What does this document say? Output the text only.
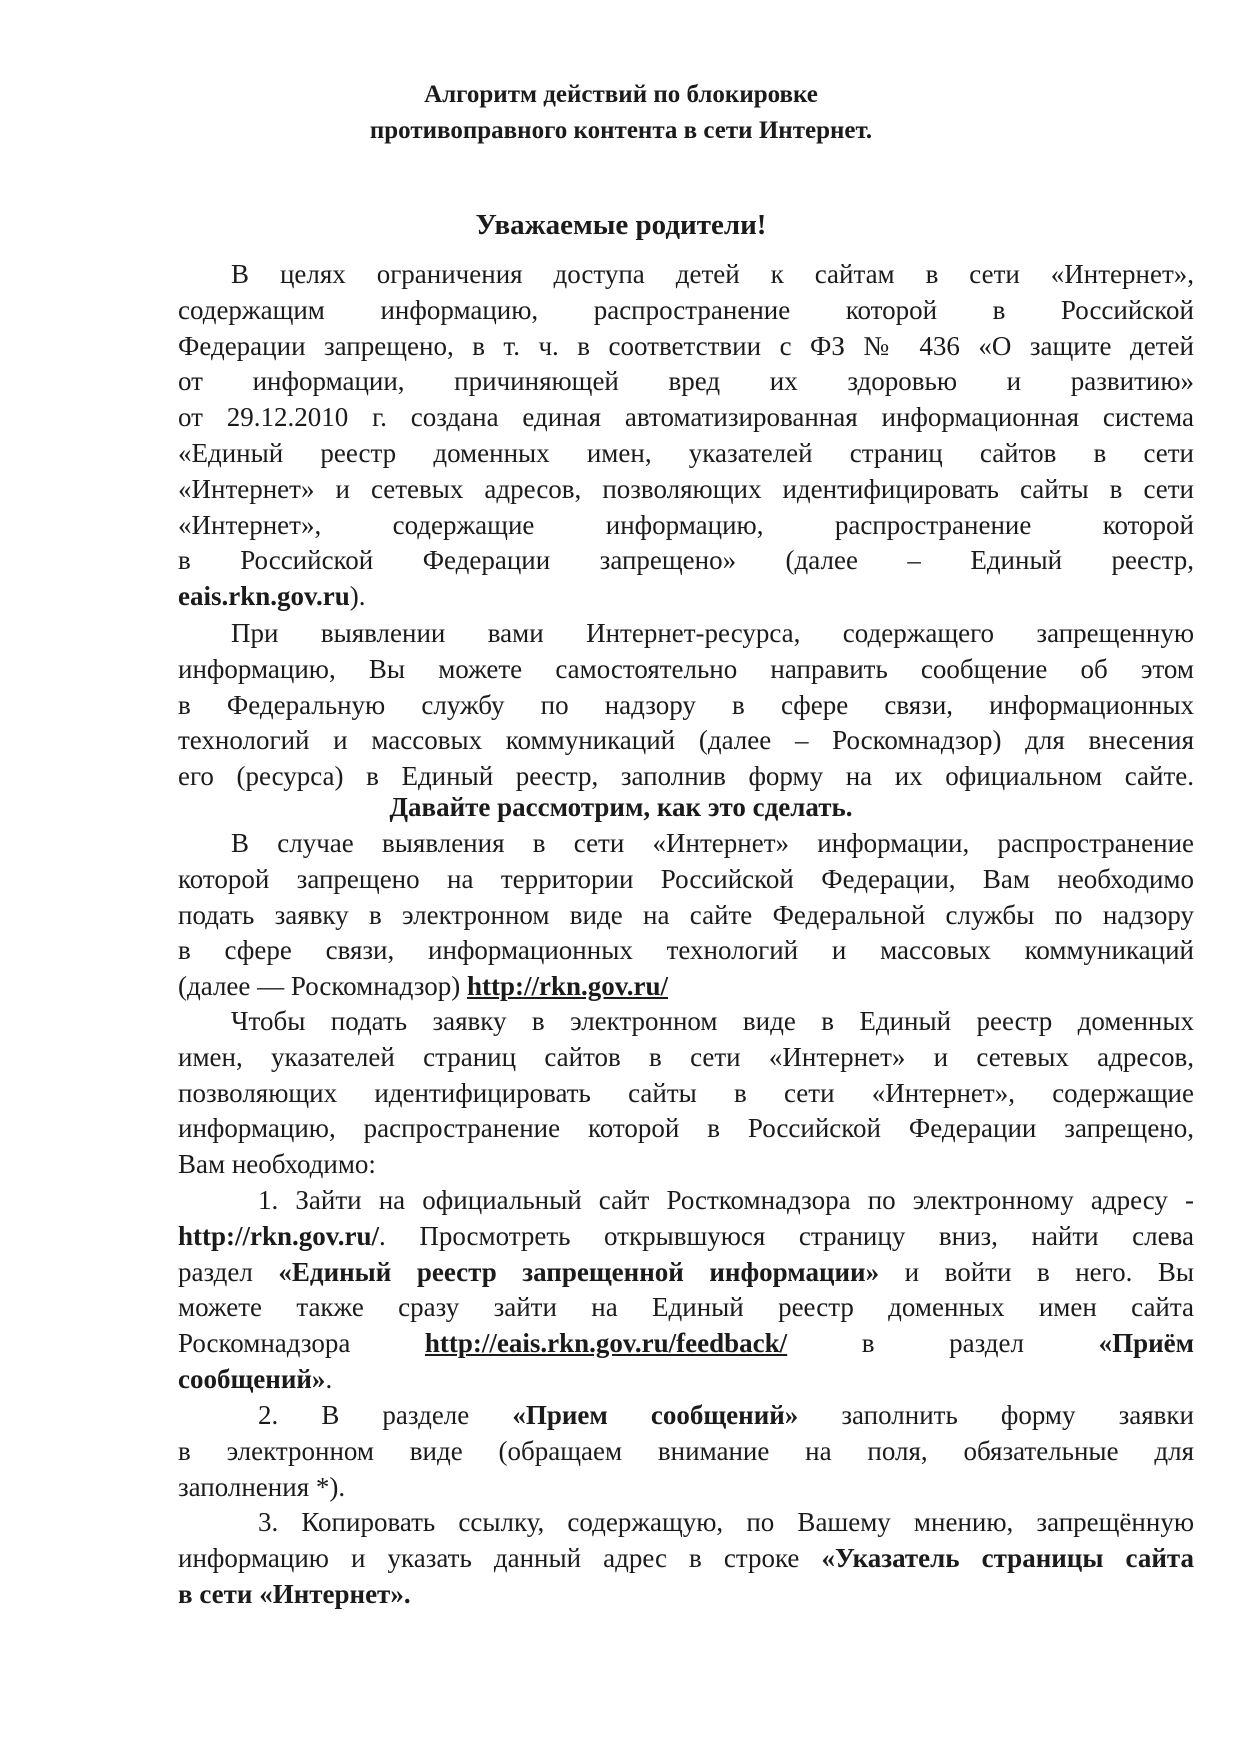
Алгоритм действий по блокировке
противоправного контента в сети Интернет.
Уважаемые родители!
В целях ограничения доступа детей к сайтам в сети «Интернет»,
содержащим информацию, распространение которой в Российской
Федерации запрещено, в т. ч. в соответствии с ФЗ № 436 «О защите детей
от информации, причиняющей вред их здоровью и развитию»
от 29.12.2010 г. создана единая автоматизированная информационная система
«Единый реестр доменных имен, указателей страниц сайтов в сети
«Интернет» и сетевых адресов, позволяющих идентифицировать сайты в сети
«Интернет», содержащие информацию, распространение которой
в Российской Федерации запрещено» (далее – Единый реестр,
eais.rkn.gov.ru).
При выявлении вами Интернет-ресурса, содержащего запрещенную
информацию, Вы можете самостоятельно направить сообщение об этом
в Федеральную службу по надзору в сфере связи, информационных
технологий и массовых коммуникаций (далее – Роскомнадзор) для внесения
его (ресурса) в Единый реестр, заполнив форму на их официальном сайте.
Давайте рассмотрим, как это сделать.
В случае выявления в сети «Интернет» информации, распространение
которой запрещено на территории Российской Федерации, Вам необходимо
подать заявку в электронном виде на сайте Федеральной службы по надзору
в сфере связи, информационных технологий и массовых коммуникаций
(далее — Роскомнадзор) http://rkn.gov.ru/
Чтобы подать заявку в электронном виде в Единый реестр доменных
имен, указателей страниц сайтов в сети «Интернет» и сетевых адресов,
позволяющих идентифицировать сайты в сети «Интернет», содержащие
информацию, распространение которой в Российской Федерации запрещено,
Вам необходимо:
1. Зайти на официальный сайт Росткомнадзора по электронному адресу -
http://rkn.gov.ru/. Просмотреть открывшуюся страницу вниз, найти слева
раздел «Единый реестр запрещенной информации» и войти в него. Вы
можете также сразу зайти на Единый реестр доменных имен сайта
Роскомнадзора http://eais.rkn.gov.ru/feedback/ в раздел «Приём
сообщений».
2. В разделе «Прием сообщений» заполнить форму заявки
в электронном виде (обращаем внимание на поля, обязательные для
заполнения *).
3. Копировать ссылку, содержащую, по Вашему мнению, запрещённую
информацию и указать данный адрес в строке «Указатель страницы сайта
в сети «Интернет».
